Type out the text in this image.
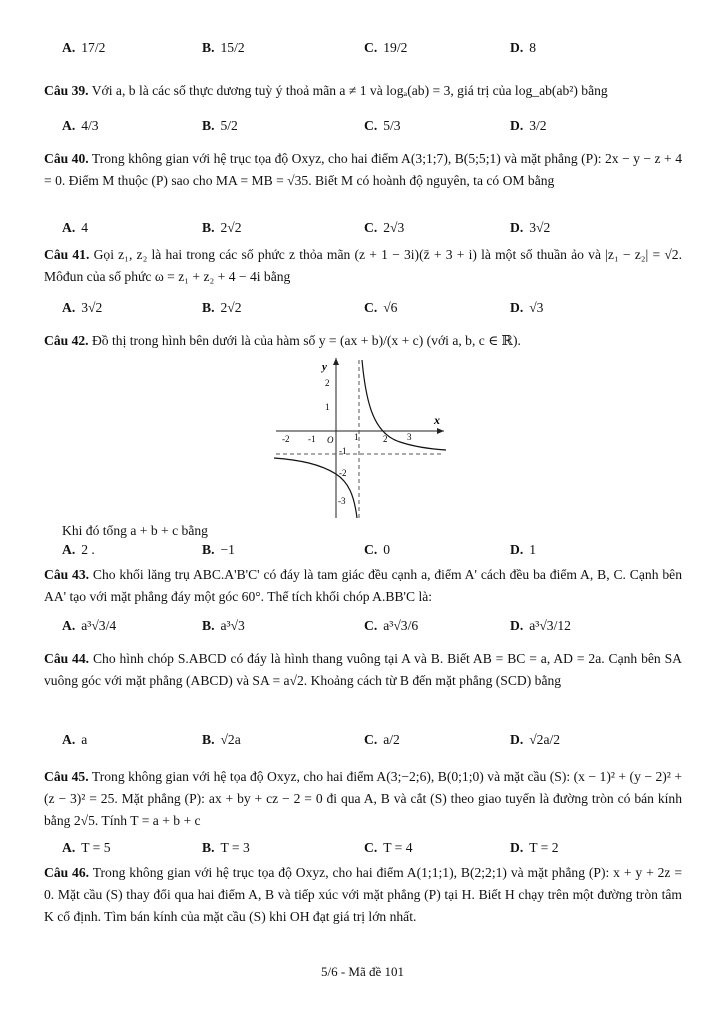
A. 17/2	B. 15/2	C. 19/2	D. 8
Câu 39. Với a, b là các số thực dương tuỳ ý thoả mãn a ≠ 1 và logₐ(ab) = 3, giá trị của log_ab(ab²) bằng
A. 4/3	B. 5/2	C. 5/3	D. 3/2
Câu 40. Trong không gian với hệ trục tọa độ Oxyz, cho hai điểm A(3;1;7), B(5;5;1) và mặt phẳng (P): 2x − y − z + 4 = 0. Điểm M thuộc (P) sao cho MA = MB = √35. Biết M có hoành độ nguyên, ta có OM bằng
A. 4	B. 2√2	C. 2√3	D. 3√2
Câu 41. Gọi z₁, z₂ là hai trong các số phức z thỏa mãn (z + 1 − 3i)(z̄ + 3 + i) là một số thuần ảo và |z₁ − z₂| = √2. Môđun của số phức ω = z₁ + z₂ + 4 − 4i bằng
A. 3√2	B. 2√2	C. √6	D. √3
Câu 42. Đồ thị trong hình bên dưới là của hàm số y = (ax + b)/(x + c) (với a, b, c ∈ ℝ).
y
x
O
-2 -1	1	2 3
2
1
-1
-2
-3
Khi đó tổng a + b + c bằng
A. 2 .	B. −1	C. 0	D. 1
Câu 43. Cho khối lăng trụ ABC.A'B'C' có đáy là tam giác đều cạnh a, điểm A' cách đều ba điểm A, B, C. Cạnh bên AA' tạo với mặt phẳng đáy một góc 60°. Thể tích khối chóp A.BB'C là:
A. a³√3/4	B. a³√3	C. a³√3/6	D. a³√3/12
Câu 44. Cho hình chóp S.ABCD có đáy là hình thang vuông tại A và B. Biết AB = BC = a, AD = 2a. Cạnh bên SA vuông góc với mặt phẳng (ABCD) và SA = a√2. Khoảng cách từ B đến mặt phẳng (SCD) bằng
A. a	B. √2a	C. a/2	D. √2a/2
Câu 45. Trong không gian với hệ tọa độ Oxyz, cho hai điểm A(3;−2;6), B(0;1;0) và mặt cầu (S): (x − 1)² + (y − 2)² + (z − 3)² = 25. Mặt phẳng (P): ax + by + cz − 2 = 0 đi qua A, B và cắt (S) theo giao tuyến là đường tròn có bán kính bằng 2√5. Tính T = a + b + c
A. T = 5	B. T = 3	C. T = 4	D. T = 2
Câu 46. Trong không gian với hệ trục tọa độ Oxyz, cho hai điểm A(1;1;1), B(2;2;1) và mặt phẳng (P): x + y + 2z = 0. Mặt cầu (S) thay đổi qua hai điểm A, B và tiếp xúc với mặt phẳng (P) tại H. Biết H chạy trên một đường tròn tâm K cố định. Tìm bán kính của mặt cầu (S) khi OH đạt giá trị lớn nhất.
5/6 - Mã đề 101
